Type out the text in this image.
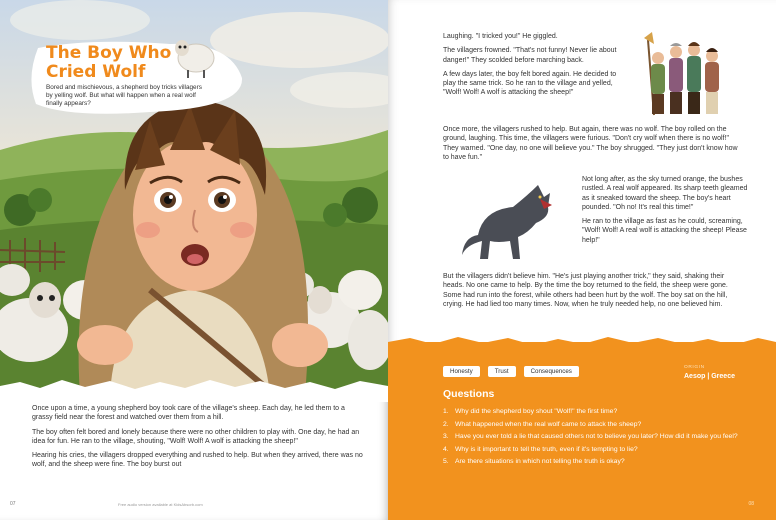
The Boy Who Cried Wolf
Bored and mischievous, a shepherd boy tricks villagers by yelling wolf. But what will happen when a real wolf finally appears?

Once upon a time, a young shepherd boy took care of the village's sheep. Each day, he led them to a grassy field near the forest and watched over them from a hill.

The boy often felt bored and lonely because there were no other children to play with. One day, he had an idea for fun. He ran to the village, shouting, "Wolf! Wolf! A wolf is attacking the sheep!"

Hearing his cries, the villagers dropped everything and rushed to help. But when they arrived, there was no wolf, and the sheep were fine. The boy burst out

07	Free audio version available at KidsAbsorb.com

Laughing. "I tricked you!" He giggled.

The villagers frowned. "That's not funny! Never lie about danger!" They scolded before marching back.

A few days later, the boy felt bored again. He decided to play the same trick. So he ran to the village and yelled, "Wolf! Wolf! A wolf is attacking the sheep!"

Once more, the villagers rushed to help. But again, there was no wolf. The boy rolled on the ground, laughing. This time, the villagers were furious. "Don't cry wolf when there is no wolf!" They warned. "One day, no one will believe you." The boy shrugged. "They just don't know how to have fun."

Not long after, as the sky turned orange, the bushes rustled. A real wolf appeared. Its sharp teeth gleamed as it sneaked toward the sheep. The boy's heart pounded. "Oh no! It's real this time!"

He ran to the village as fast as he could, screaming, "Wolf! Wolf! A real wolf is attacking the sheep! Please help!"

But the villagers didn't believe him. "He's just playing another trick," they said, shaking their heads. No one came to help. By the time the boy returned to the field, the sheep were gone. Some had run into the forest, while others had been hurt by the wolf. The boy sat on the hill, crying. He had lied too many times. Now, when he truly needed help, no one believed him.

Honesty	Trust	Consequences
ORIGIN
Aesop | Greece
Questions
1. Why did the shepherd boy shout "Wolf!" the first time?
2. What happened when the real wolf came to attack the sheep?
3. Have you ever told a lie that caused others not to believe you later? How did it make you feel?
4. Why is it important to tell the truth, even if it's tempting to lie?
5. Are there situations in which not telling the truth is okay?
08
